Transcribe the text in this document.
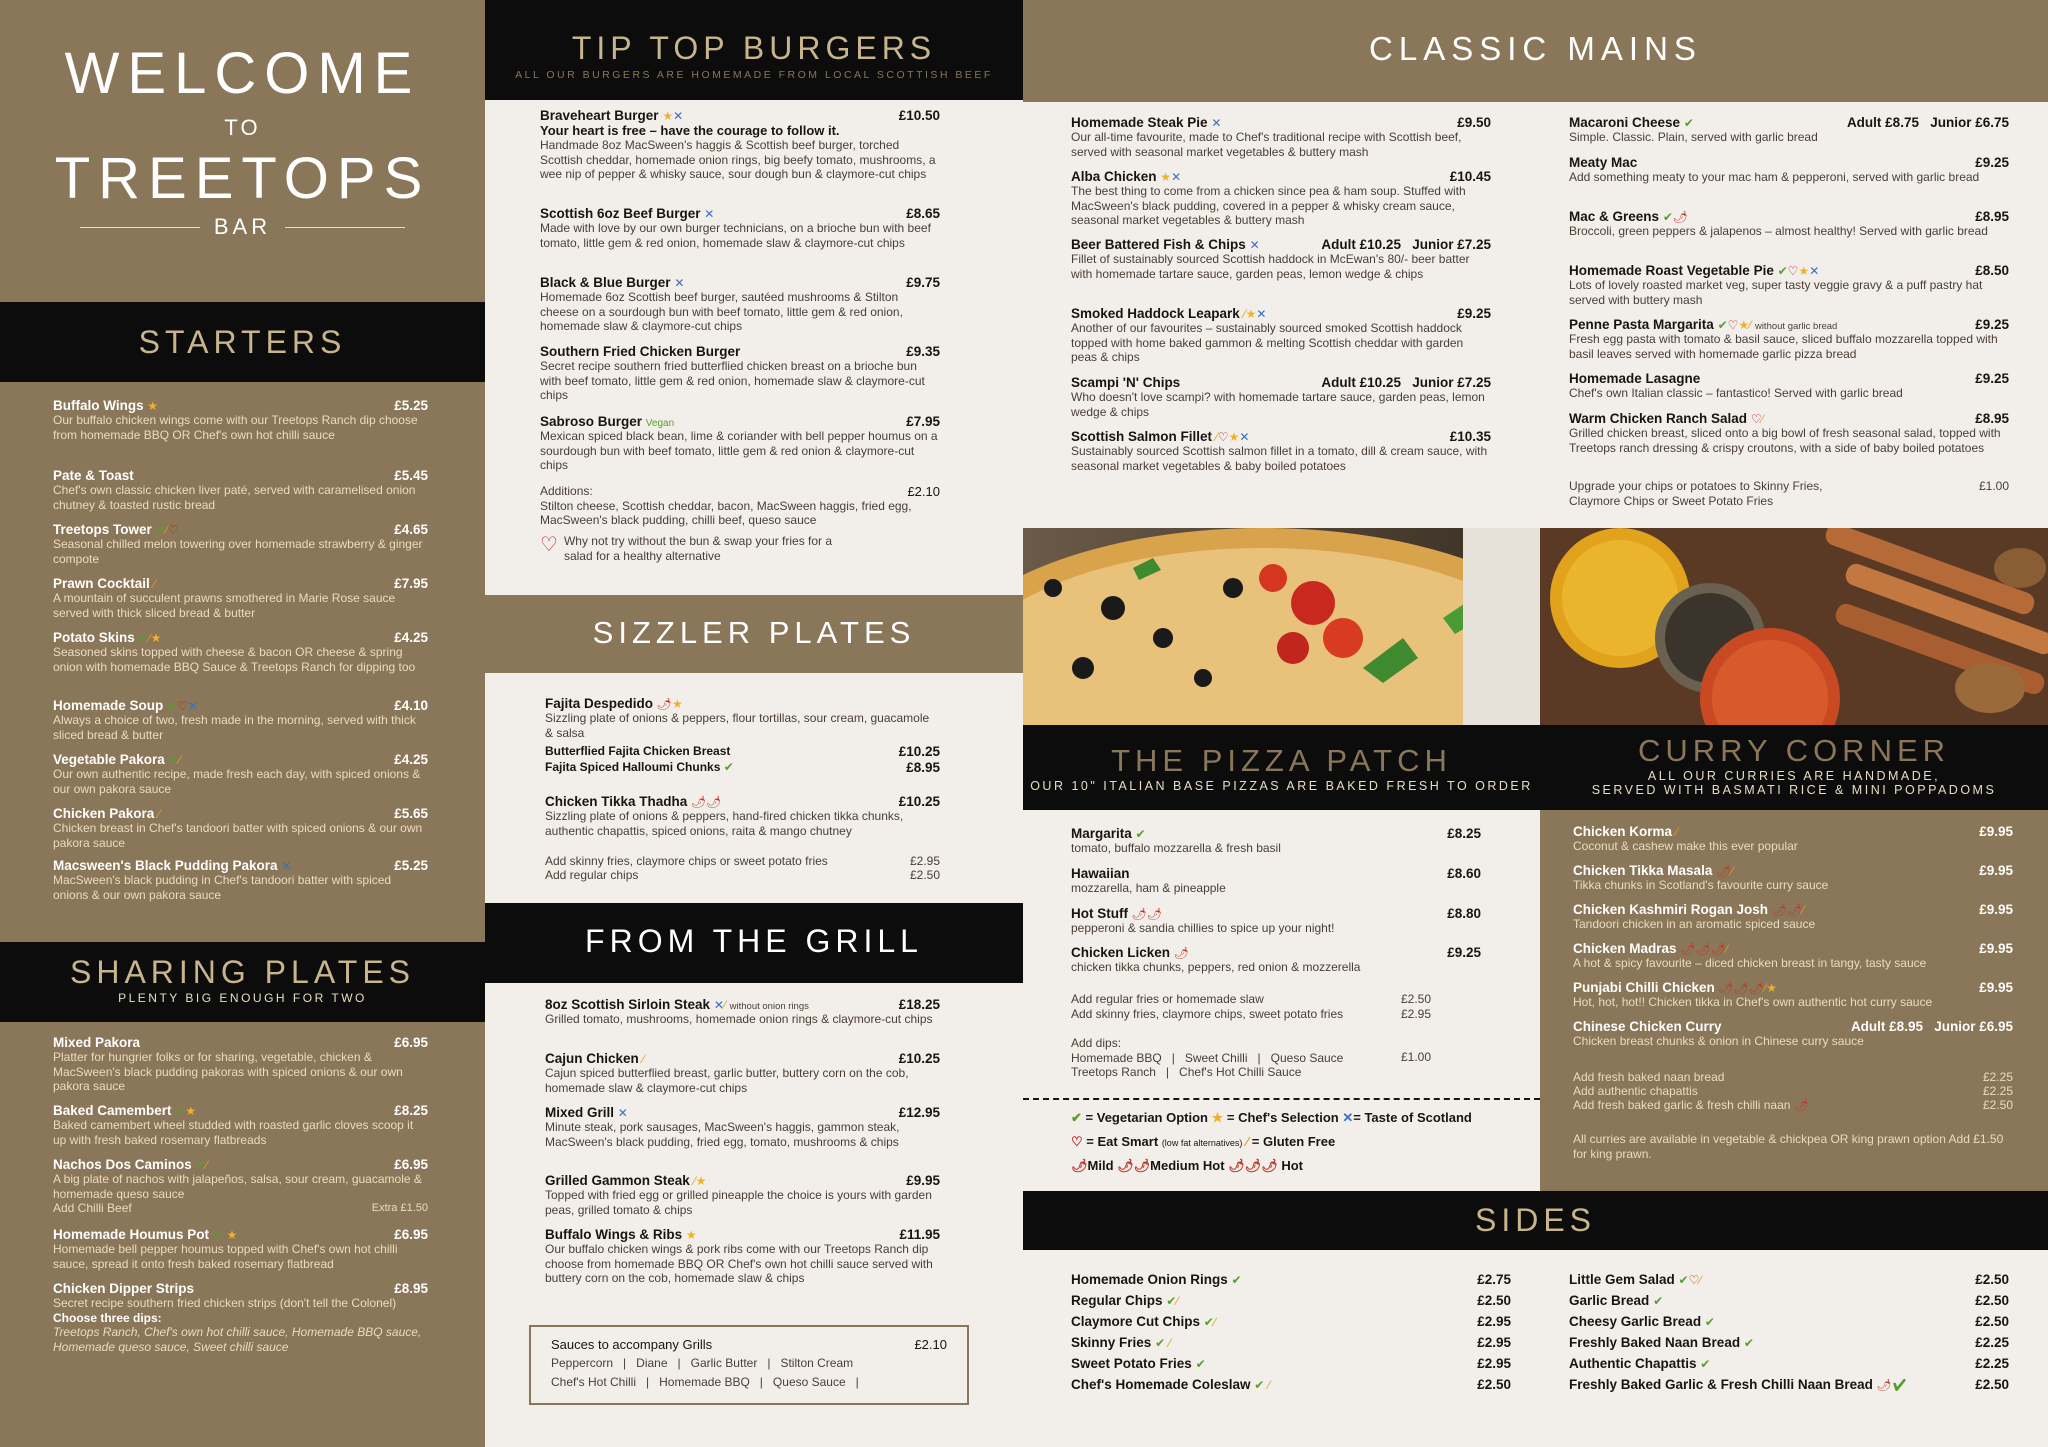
WELCOME
TO
TREETOPS
BAR
STARTERS
Buffalo Wings ★	£5.25
Our buffalo chicken wings come with our Treetops Ranch dip choose from homemade BBQ OR Chef's own hot chilli sauce
Pate & Toast	£5.45
Chef's own classic chicken liver paté, served with caramelised onion chutney & toasted rustic bread
Treetops Tower ✔⁄♡	£4.65
Seasonal chilled melon towering over homemade strawberry & ginger compote
Prawn Cocktail ⁄	£7.95
A mountain of succulent prawns smothered in Marie Rose sauce served with thick sliced bread & butter
Potato Skins ✔⁄★	£4.25
Seasoned skins topped with cheese & bacon OR cheese & spring onion with homemade BBQ Sauce & Treetops Ranch for dipping too
Homemade Soup ✔♡✕	£4.10
Always a choice of two, fresh made in the morning, served with thick sliced bread & butter
Vegetable Pakora ✔⁄	£4.25
Our own authentic recipe, made fresh each day, with spiced onions & our own pakora sauce
Chicken Pakora ⁄	£5.65
Chicken breast in Chef's tandoori batter with spiced onions & our own pakora sauce
Macsween's Black Pudding Pakora ✕	£5.25
MacSween's black pudding in Chef's tandoori batter with spiced onions & our own pakora sauce
SHARING PLATES
PLENTY BIG ENOUGH FOR TWO
Mixed Pakora	£6.95
Platter for hungrier folks or for sharing, vegetable, chicken & MacSween's black pudding pakoras with spiced onions & our own pakora sauce
Baked Camembert ✔★	£8.25
Baked camembert wheel studded with roasted garlic cloves scoop it up with fresh baked rosemary flatbreads
Nachos Dos Caminos ✔⁄	£6.95
A big plate of nachos with jalapeños, salsa, sour cream, guacamole & homemade queso sauce
Add Chilli Beef	Extra £1.50
Homemade Houmus Pot ✔ ★	£6.95
Homemade bell pepper houmus topped with Chef's own hot chilli sauce, spread it onto fresh baked rosemary flatbread
Chicken Dipper Strips	£8.95
Secret recipe southern fried chicken strips (don't tell the Colonel)
Choose three dips:
Treetops Ranch, Chef's own hot chilli sauce, Homemade BBQ sauce, Homemade queso sauce, Sweet chilli sauce
TIP TOP BURGERS
ALL OUR BURGERS ARE HOMEMADE FROM LOCAL SCOTTISH BEEF
Braveheart Burger ★✕	£10.50
Your heart is free – have the courage to follow it.
Handmade 8oz MacSween's haggis & Scottish beef burger, torched Scottish cheddar, homemade onion rings, big beefy tomato, mushrooms, a wee nip of pepper & whisky sauce, sour dough bun & claymore-cut chips
Scottish 6oz Beef Burger ✕	£8.65
Made with love by our own burger technicians, on a brioche bun with beef tomato, little gem & red onion, homemade slaw & claymore-cut chips
Black & Blue Burger ✕	£9.75
Homemade 6oz Scottish beef burger, sautéed mushrooms & Stilton cheese on a sourdough bun with beef tomato, little gem & red onion, homemade slaw & claymore-cut chips
Southern Fried Chicken Burger	£9.35
Secret recipe southern fried butterflied chicken breast on a brioche bun with beef tomato, little gem & red onion, homemade slaw & claymore-cut chips
Sabroso Burger Vegan	£7.95
Mexican spiced black bean, lime & coriander with bell pepper houmus on a sourdough bun with beef tomato, little gem & red onion & claymore-cut chips
Additions:	£2.10
Stilton cheese, Scottish cheddar, bacon, MacSween haggis, fried egg, MacSween's black pudding, chilli beef, queso sauce
♡ Why not try without the bun & swap your fries for a salad for a healthy alternative
SIZZLER PLATES
Fajita Despedido 🌶★
Sizzling plate of onions & peppers, flour tortillas, sour cream, guacamole & salsa
Butterflied Fajita Chicken Breast	£10.25
Fajita Spiced Halloumi Chunks ✔	£8.95
Chicken Tikka Thadha 🌶🌶	£10.25
Sizzling plate of onions & peppers, hand-fired chicken tikka chunks, authentic chapattis, spiced onions, raita & mango chutney
Add skinny fries, claymore chips or sweet potato fries	£2.95
Add regular chips	£2.50
FROM THE GRILL
8oz Scottish Sirloin Steak ✕⁄ without onion rings	£18.25
Grilled tomato, mushrooms, homemade onion rings & claymore-cut chips
Cajun Chicken ⁄	£10.25
Cajun spiced butterflied breast, garlic butter, buttery corn on the cob, homemade slaw & claymore-cut chips
Mixed Grill ✕	£12.95
Minute steak, pork sausages, MacSween's haggis, gammon steak, MacSween's black pudding, fried egg, tomato, mushrooms & chips
Grilled Gammon Steak ⁄★	£9.95
Topped with fried egg or grilled pineapple the choice is yours with garden peas, grilled tomato & chips
Buffalo Wings & Ribs ★	£11.95
Our buffalo chicken wings & pork ribs come with our Treetops Ranch dip choose from homemade BBQ OR Chef's own hot chilli sauce served with buttery corn on the cob, homemade slaw & chips
Sauces to accompany Grills	£2.10
Peppercorn   |   Diane   |   Garlic Butter   |   Stilton Cream
Chef's Hot Chilli   |   Homemade BBQ   |   Queso Sauce   |
CLASSIC MAINS
Homemade Steak Pie ✕	£9.50
Our all-time favourite, made to Chef's traditional recipe with Scottish beef, served with seasonal market vegetables & buttery mash
Alba Chicken ★✕	£10.45
The best thing to come from a chicken since pea & ham soup. Stuffed with MacSween's black pudding, covered in a pepper & whisky cream sauce, seasonal market vegetables & buttery mash
Beer Battered Fish & Chips ✕	Adult £10.25   Junior £7.25
Fillet of sustainably sourced Scottish haddock in McEwan's 80/- beer batter with homemade tartare sauce, garden peas, lemon wedge & chips
Smoked Haddock Leapark ⁄★✕	£9.25
Another of our favourites – sustainably sourced smoked Scottish haddock topped with home baked gammon & melting Scottish cheddar with garden peas & chips
Scampi 'N' Chips	Adult £10.25   Junior £7.25
Who doesn't love scampi? with homemade tartare sauce, garden peas, lemon wedge & chips
Scottish Salmon Fillet ⁄♡★✕	£10.35
Sustainably sourced Scottish salmon fillet in a tomato, dill & cream sauce, with seasonal market vegetables & baby boiled potatoes
Macaroni Cheese ✔	Adult £8.75   Junior £6.75
Simple. Classic. Plain, served with garlic bread
Meaty Mac	£9.25
Add something meaty to your mac ham & pepperoni, served with garlic bread
Mac & Greens ✔🌶	£8.95
Broccoli, green peppers & jalapenos – almost healthy! Served with garlic bread
Homemade Roast Vegetable Pie ✔♡★✕	£8.50
Lots of lovely roasted market veg, super tasty veggie gravy & a puff pastry hat served with buttery mash
Penne Pasta Margarita ✔♡★⁄ without garlic bread	£9.25
Fresh egg pasta with tomato & basil sauce, sliced buffalo mozzarella topped with basil leaves served with homemade garlic pizza bread
Homemade Lasagne	£9.25
Chef's own Italian classic – fantastico! Served with garlic bread
Warm Chicken Ranch Salad ♡⁄	£8.95
Grilled chicken breast, sliced onto a big bowl of fresh seasonal salad, topped with Treetops ranch dressing & crispy croutons, with a side of baby boiled potatoes
Upgrade your chips or potatoes to Skinny Fries, Claymore Chips or Sweet Potato Fries
£1.00
THE PIZZA PATCH
OUR 10" ITALIAN BASE PIZZAS ARE BAKED FRESH TO ORDER
CURRY CORNER
ALL OUR CURRIES ARE HANDMADE,
SERVED WITH BASMATI RICE & MINI POPPADOMS
Margarita ✔	£8.25
tomato, buffalo mozzarella & fresh basil
Hawaiian	£8.60
mozzarella, ham & pineapple
Hot Stuff 🌶🌶	£8.80
pepperoni & sandia chillies to spice up your night!
Chicken Licken 🌶	£9.25
chicken tikka chunks, peppers, red onion & mozzerella
Add regular fries or homemade slaw	£2.50
Add skinny fries, claymore chips, sweet potato fries	£2.95
Add dips:
Homemade BBQ   |   Sweet Chilli   |   Queso Sauce
Treetops Ranch   |   Chef's Hot Chilli Sauce
£1.00
✔ = Vegetarian Option ★ = Chef's Selection ✕= Taste of Scotland
♡ = Eat Smart (low fat alternatives) ⁄ = Gluten Free
🌶Mild 🌶🌶Medium Hot 🌶🌶🌶 Hot
Chicken Korma ⁄	£9.95
Coconut & cashew make this ever popular
Chicken Tikka Masala 🌶⁄	£9.95
Tikka chunks in Scotland's favourite curry sauce
Chicken Kashmiri Rogan Josh 🌶🌶⁄	£9.95
Tandoori chicken in an aromatic spiced sauce
Chicken Madras 🌶🌶🌶⁄	£9.95
A hot & spicy favourite – diced chicken breast in tangy, tasty sauce
Punjabi Chilli Chicken 🌶🌶🌶⁄★	£9.95
Hot, hot, hot!! Chicken tikka in Chef's own authentic hot curry sauce
Chinese Chicken Curry	Adult £8.95   Junior £6.95
Chicken breast chunks & onion in Chinese curry sauce
Add fresh baked naan bread	£2.25
Add authentic chapattis	£2.25
Add fresh baked garlic & fresh chilli naan 🌶	£2.50
All curries are available in vegetable & chickpea OR king prawn option Add £1.50 for king prawn.
SIDES
Homemade Onion Rings ✔	£2.75
Regular Chips ✔⁄	£2.50
Claymore Cut Chips ✔⁄	£2.95
Skinny Fries ✔ ⁄	£2.95
Sweet Potato Fries ✔	£2.95
Chef's Homemade Coleslaw ✔ ⁄	£2.50
Little Gem Salad ✔♡⁄	£2.50
Garlic Bread ✔	£2.50
Cheesy Garlic Bread ✔	£2.50
Freshly Baked Naan Bread ✔	£2.25
Authentic Chapattis ✔	£2.25
Freshly Baked Garlic & Fresh Chilli Naan Bread 🌶✔	£2.50
